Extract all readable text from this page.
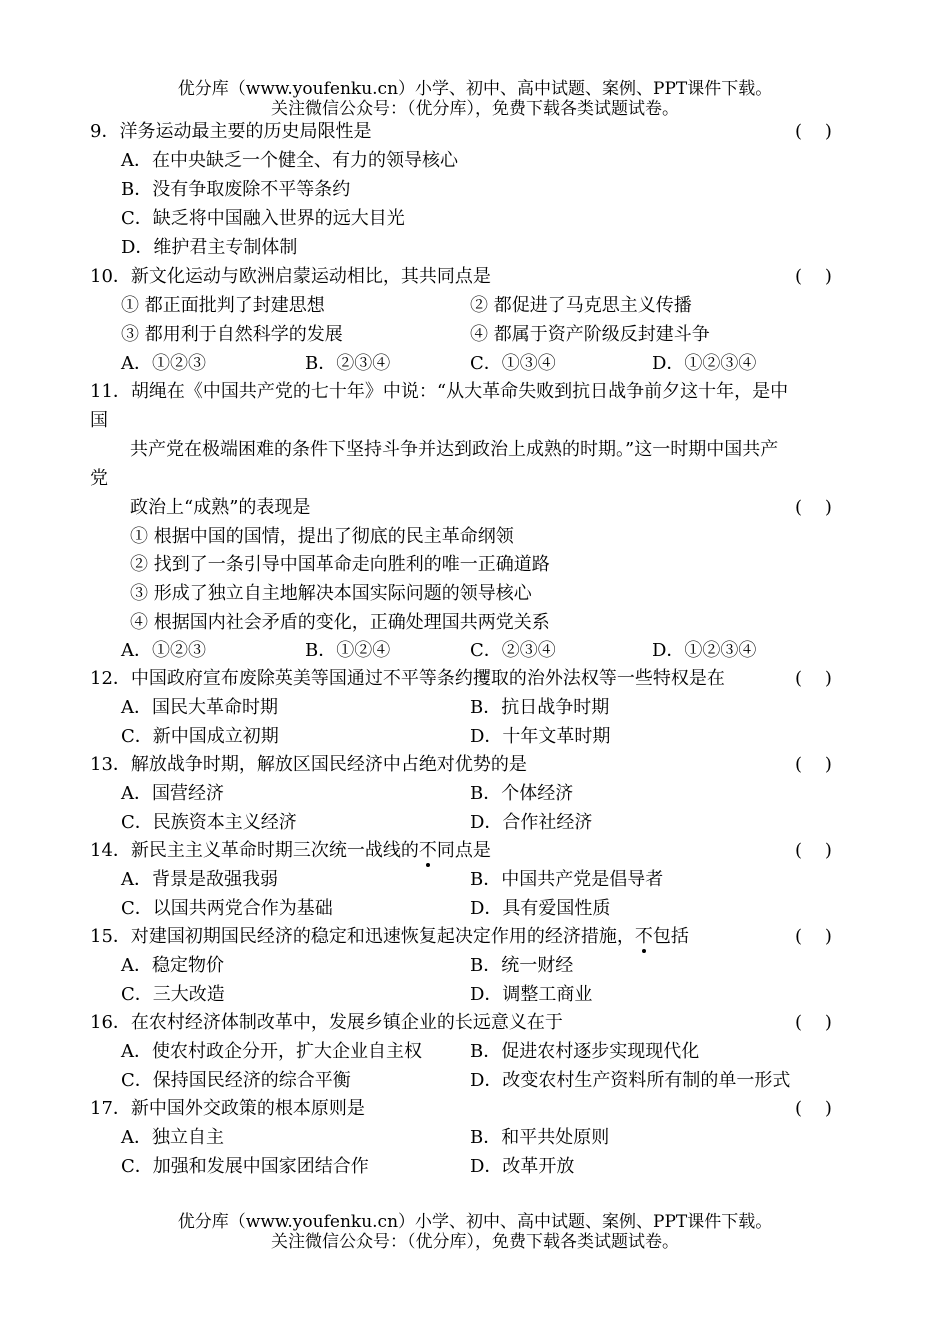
优分库（www.youfenku.cn）小学、初中、高中试题、案例、PPT课件下载。
关注微信公众号：（优分库），免费下载各类试题试卷。
9．洋务运动最主要的历史局限性是	(    )
A．在中央缺乏一个健全、有力的领导核心
B．没有争取废除不平等条约
C．缺乏将中国融入世界的远大目光
D．维护君主专制体制
10．新文化运动与欧洲启蒙运动相比，其共同点是	(    )
① 都正面批判了封建思想	② 都促进了马克思主义传播
③ 都用利于自然科学的发展	④ 都属于资产阶级反封建斗争
A．①②③	B．②③④	C．①③④	D．①②③④
11．胡绳在《中国共产党的七十年》中说：“从大革命失败到抗日战争前夕这十年，是中
国
共产党在极端困难的条件下坚持斗争并达到政治上成熟的时期。”这一时期中国共产
党
政治上“成熟”的表现是	(    )
① 根据中国的国情，提出了彻底的民主革命纲领
② 找到了一条引导中国革命走向胜利的唯一正确道路
③ 形成了独立自主地解决本国实际问题的领导核心
④ 根据国内社会矛盾的变化，正确处理国共两党关系
A．①②③	B．①②④	C．②③④	D．①②③④
12．中国政府宣布废除英美等国通过不平等条约攫取的治外法权等一些特权是在	(    )
A．国民大革命时期	B．抗日战争时期
C．新中国成立初期	D．十年文革时期
13．解放战争时期，解放区国民经济中占绝对优势的是	(    )
A．国营经济	B．个体经济
C．民族资本主义经济	D．合作社经济
14．新民主主义革命时期三次统一战线的不同点是	(    )
A．背景是敌强我弱	B．中国共产党是倡导者
C．以国共两党合作为基础	D．具有爱国性质
15．对建国初期国民经济的稳定和迅速恢复起决定作用的经济措施，不包括	(    )
A．稳定物价	B．统一财经
C．三大改造	D．调整工商业
16．在农村经济体制改革中，发展乡镇企业的长远意义在于	(    )
A．使农村政企分开，扩大企业自主权	B．促进农村逐步实现现代化
C．保持国民经济的综合平衡	D．改变农村生产资料所有制的单一形式
17．新中国外交政策的根本原则是	(    )
A．独立自主	B．和平共处原则
C．加强和发展中国家团结合作	D．改革开放
优分库（www.youfenku.cn）小学、初中、高中试题、案例、PPT课件下载。
关注微信公众号：（优分库），免费下载各类试题试卷。
